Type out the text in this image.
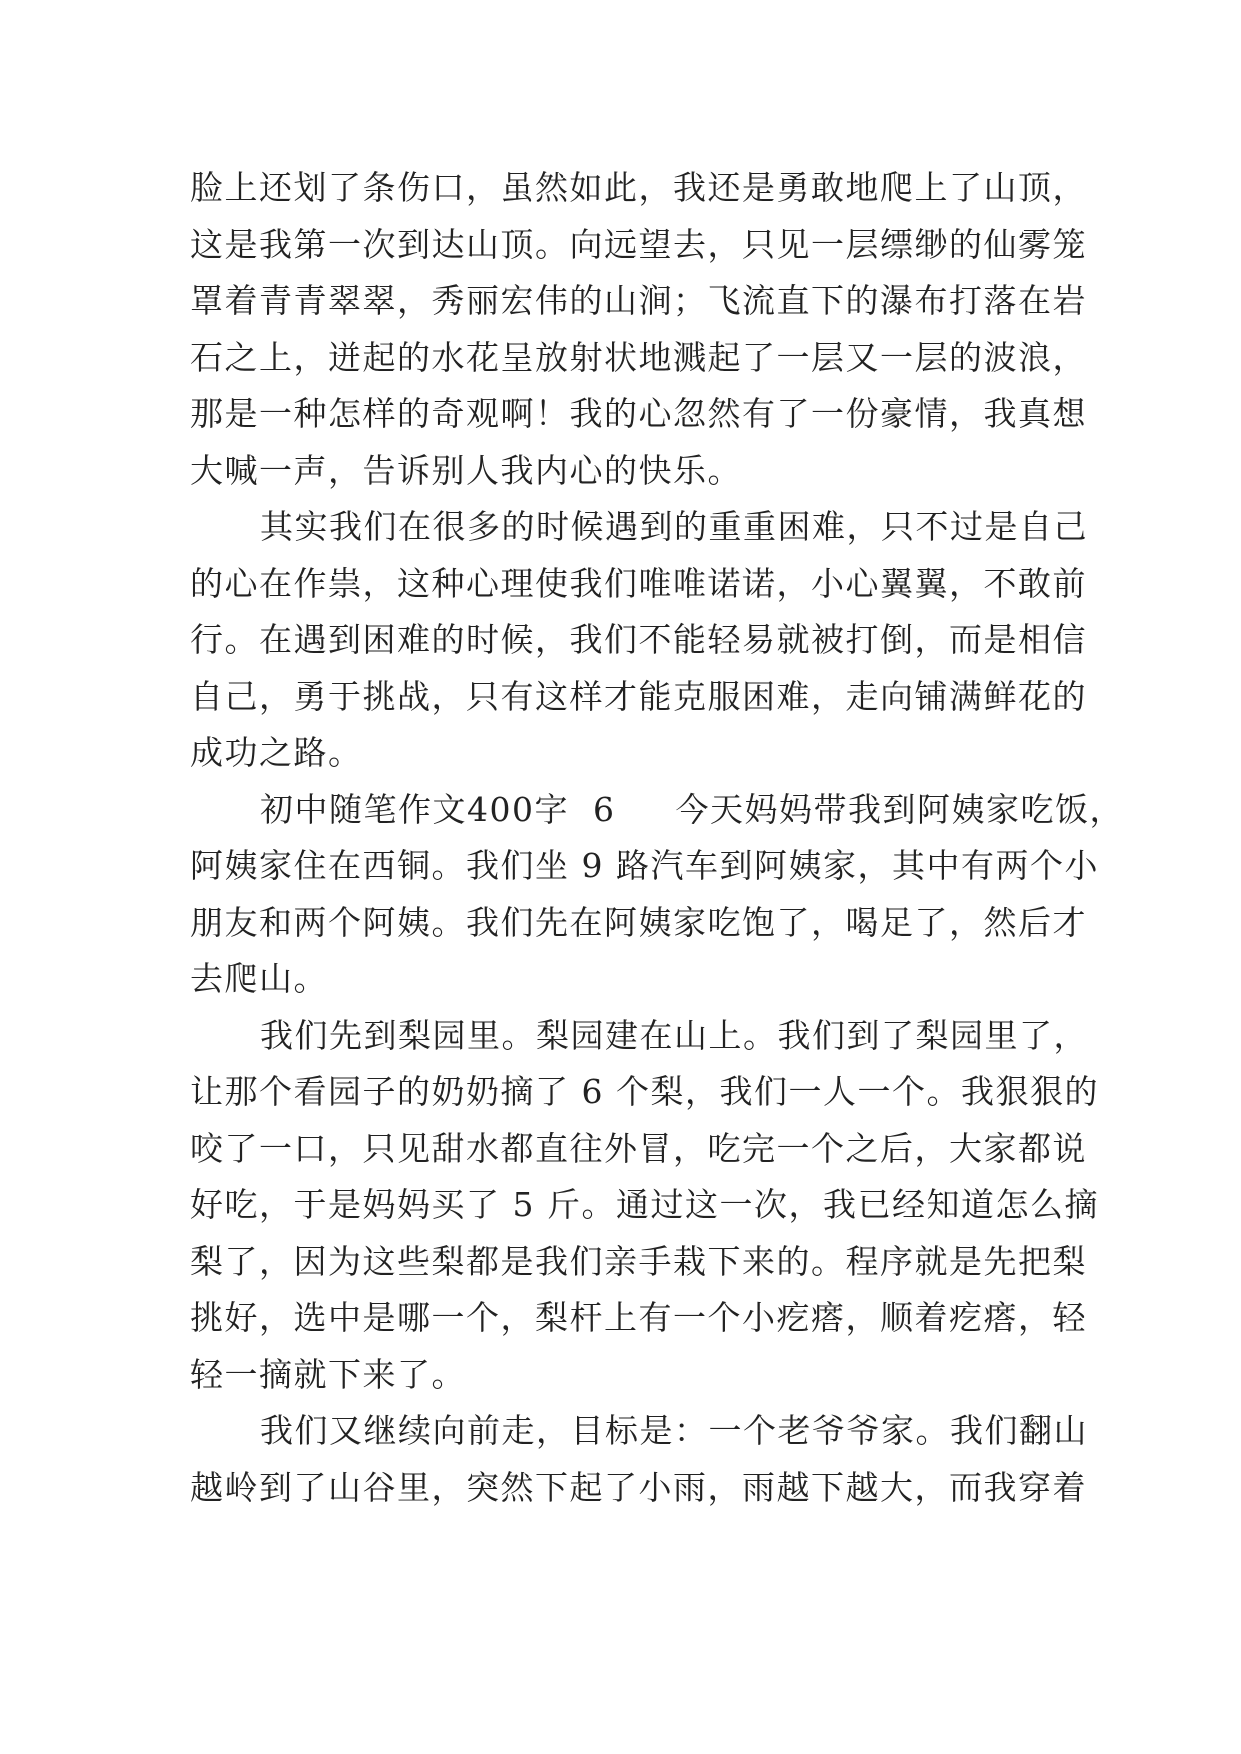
脸上还划了条伤口，虽然如此，我还是勇敢地爬上了山顶，
这是我第一次到达山顶。向远望去，只见一层缥缈的仙雾笼
罩着青青翠翠，秀丽宏伟的山涧；飞流直下的瀑布打落在岩
石之上，迸起的水花呈放射状地溅起了一层又一层的波浪，
那是一种怎样的奇观啊！我的心忽然有了一份豪情，我真想
大喊一声，告诉别人我内心的快乐。
其实我们在很多的时候遇到的重重困难，只不过是自己
的心在作祟，这种心理使我们唯唯诺诺，小心翼翼，不敢前
行。在遇到困难的时候，我们不能轻易就被打倒，而是相信
自己，勇于挑战，只有这样才能克服困难，走向铺满鲜花的
成功之路。
初中随笔作文400字  6 今天妈妈带我到阿姨家吃饭，
阿姨家住在西铜。我们坐 9 路汽车到阿姨家，其中有两个小
朋友和两个阿姨。我们先在阿姨家吃饱了，喝足了，然后才
去爬山。
我们先到梨园里。梨园建在山上。我们到了梨园里了，
让那个看园子的奶奶摘了 6 个梨，我们一人一个。我狠狠的
咬了一口，只见甜水都直往外冒，吃完一个之后，大家都说
好吃，于是妈妈买了 5 斤。通过这一次，我已经知道怎么摘
梨了，因为这些梨都是我们亲手栽下来的。程序就是先把梨
挑好，选中是哪一个，梨杆上有一个小疙瘩，顺着疙瘩，轻
轻一摘就下来了。
我们又继续向前走，目标是：一个老爷爷家。我们翻山
越岭到了山谷里，突然下起了小雨，雨越下越大，而我穿着
